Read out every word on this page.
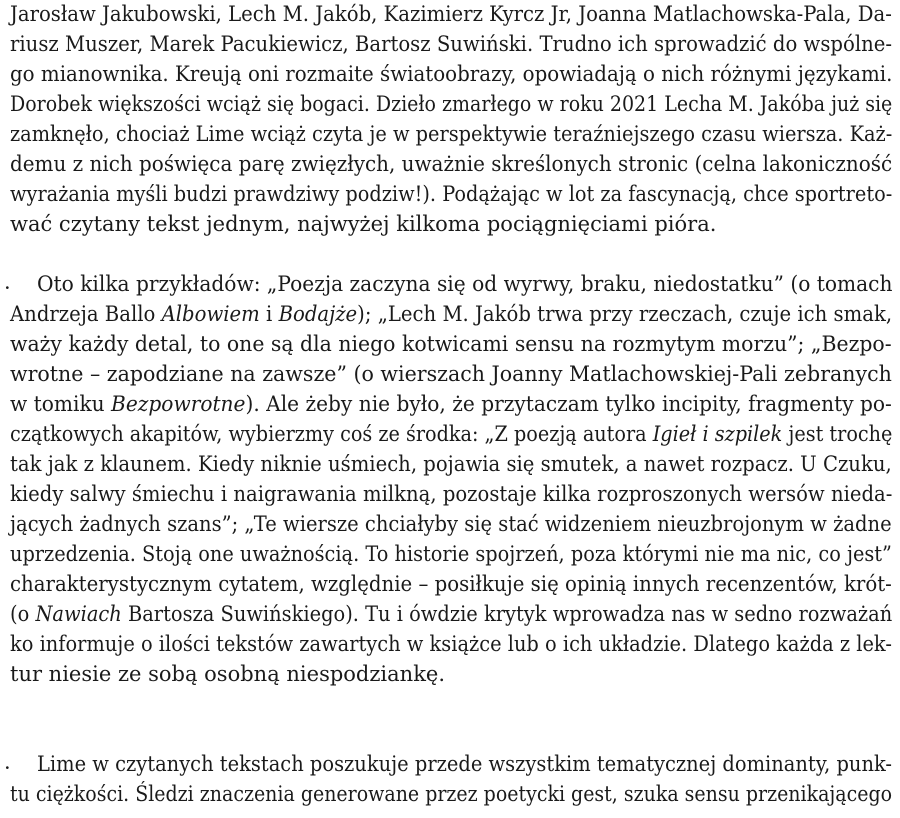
Jarosław Jakubowski, Lech M. Jakób, Kazimierz Kyrcz Jr, Joanna Matlachowska-Pala, Da-
riusz Muszer, Marek Pacukiewicz, Bartosz Suwiński. Trudno ich sprowadzić do wspólne-
go mianownika. Kreują oni rozmaite światoobrazy, opowiadają o nich różnymi językami.
Dorobek większości wciąż się bogaci. Dzieło zmarłego w roku 2021 Lecha M. Jakóba już się
zamknęło, chociaż Lime wciąż czyta je w perspektywie teraźniejszego czasu wiersza. Każ-
demu z nich poświęca parę zwięzłych, uważnie skreślonych stronic (celna lakoniczność
wyrażania myśli budzi prawdziwy podziw!). Podążając w lot za fascynacją, chce sportreto-
wać czytany tekst jednym, najwyżej kilkoma pociągnięciami pióra.
· Oto kilka przykładów: „Poezja zaczyna się od wyrwy, braku, niedostatku” (o tomach
Andrzeja Ballo Albowiem i Bodajże); „Lech M. Jakób trwa przy rzeczach, czuje ich smak,
waży każdy detal, to one są dla niego kotwicami sensu na rozmytym morzu”; „Bezpo-
wrotne – zapodziane na zawsze” (o wierszach Joanny Matlachowskiej-Pali zebranych
w tomiku Bezpowrotne). Ale żeby nie było, że przytaczam tylko incipity, fragmenty po-
czątkowych akapitów, wybierzmy coś ze środka: „Z poezją autora Igieł i szpilek jest trochę
tak jak z klaunem. Kiedy niknie uśmiech, pojawia się smutek, a nawet rozpacz. U Czuku,
kiedy salwy śmiechu i naigrawania milkną, pozostaje kilka rozproszonych wersów nieda-
jących żadnych szans”; „Te wiersze chciałyby się stać widzeniem nieuzbrojonym w żadne
uprzedzenia. Stoją one uważnością. To historie spojrzeń, poza którymi nie ma nic, co jest”
charakterystycznym cytatem, względnie – posiłkuje się opinią innych recenzentów, krót-
(o Nawiach Bartosza Suwińskiego). Tu i ówdzie krytyk wprowadza nas w sedno rozważań
ko informuje o ilości tekstów zawartych w książce lub o ich układzie. Dlatego każda z lek-
tur niesie ze sobą osobną niespodziankę.
· Lime w czytanych tekstach poszukuje przede wszystkim tematycznej dominanty, punk-
tu ciężkości. Śledzi znaczenia generowane przez poetycki gest, szuka sensu przenikającego
